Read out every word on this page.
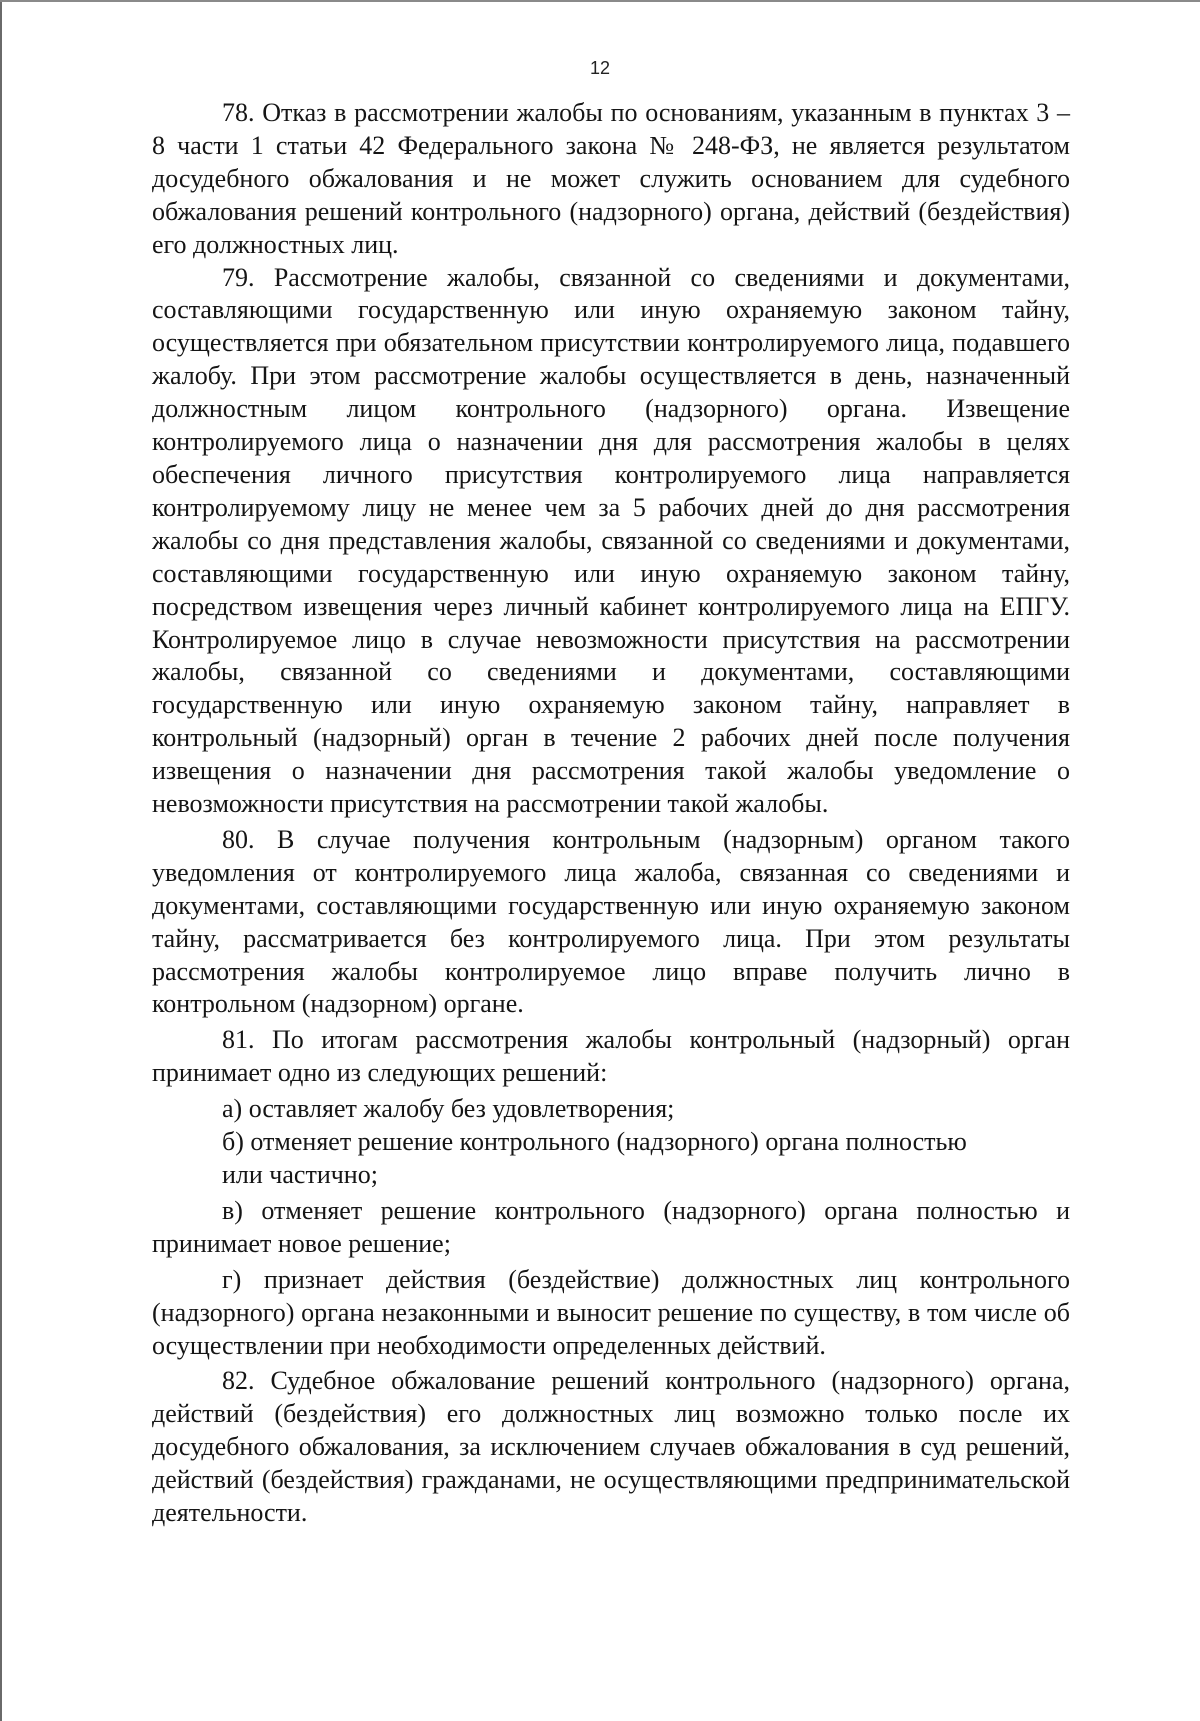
12

78. Отказ в рассмотрении жалобы по основаниям, указанным в пунктах 3 – 8 части 1 статьи 42 Федерального закона № 248-ФЗ, не является результатом досудебного обжалования и не может служить основанием для судебного обжалования решений контрольного (надзорного) органа, действий (бездействия) его должностных лиц.

79. Рассмотрение жалобы, связанной со сведениями и документами, составляющими государственную или иную охраняемую законом тайну, осуществляется при обязательном присутствии контролируемого лица, подавшего жалобу. При этом рассмотрение жалобы осуществляется в день, назначенный должностным лицом контрольного (надзорного) органа. Извещение контролируемого лица о назначении дня для рассмотрения жалобы в целях обеспечения личного присутствия контролируемого лица направляется контролируемому лицу не менее чем за 5 рабочих дней до дня рассмотрения жалобы со дня представления жалобы, связанной со сведениями и документами, составляющими государственную или иную охраняемую законом тайну, посредством извещения через личный кабинет контролируемого лица на ЕПГУ. Контролируемое лицо в случае невозможности присутствия на рассмотрении жалобы, связанной со сведениями и документами, составляющими государственную или иную охраняемую законом тайну, направляет в контрольный (надзорный) орган в течение 2 рабочих дней после получения извещения о назначении дня рассмотрения такой жалобы уведомление о невозможности присутствия на рассмотрении такой жалобы.

80. В случае получения контрольным (надзорным) органом такого уведомления от контролируемого лица жалоба, связанная со сведениями и документами, составляющими государственную или иную охраняемую законом тайну, рассматривается без контролируемого лица. При этом результаты рассмотрения жалобы контролируемое лицо вправе получить лично в контрольном (надзорном) органе.

81. По итогам рассмотрения жалобы контрольный (надзорный) орган принимает одно из следующих решений:

а) оставляет жалобу без удовлетворения;

б) отменяет решение контрольного (надзорного) органа полностью
или частично;

в) отменяет решение контрольного (надзорного) органа полностью и принимает новое решение;

г) признает действия (бездействие) должностных лиц контрольного (надзорного) органа незаконными и выносит решение по существу, в том числе об осуществлении при необходимости определенных действий.

82. Судебное обжалование решений контрольного (надзорного) органа, действий (бездействия) его должностных лиц возможно только после их досудебного обжалования, за исключением случаев обжалования в суд решений, действий (бездействия) гражданами, не осуществляющими предпринимательской деятельности.
